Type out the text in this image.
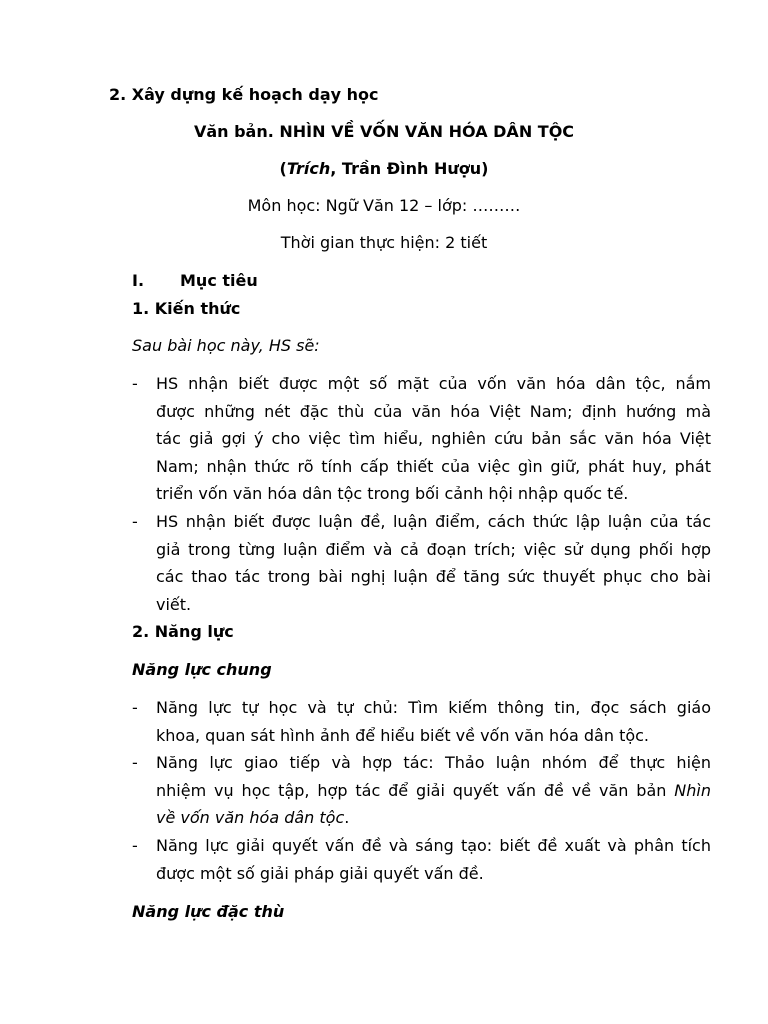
2. Xây dựng kế hoạch dạy học
Văn bản. NHÌN VỀ VỐN VĂN HÓA DÂN TỘC
(Trích, Trần Đình Hượu)
Môn học: Ngữ Văn 12 – lớp: ………
Thời gian thực hiện: 2 tiết
I. Mục tiêu
1. Kiến thức
Sau bài học này, HS sẽ:
- HS nhận biết được một số mặt của vốn văn hóa dân tộc, nắm
được những nét đặc thù của văn hóa Việt Nam; định hướng mà
tác giả gợi ý cho việc tìm hiểu, nghiên cứu bản sắc văn hóa Việt
Nam; nhận thức rõ tính cấp thiết của việc gìn giữ, phát huy, phát
triển vốn văn hóa dân tộc trong bối cảnh hội nhập quốc tế.
- HS nhận biết được luận đề, luận điểm, cách thức lập luận của tác
giả trong từng luận điểm và cả đoạn trích; việc sử dụng phối hợp
các thao tác trong bài nghị luận để tăng sức thuyết phục cho bài
viết.
2. Năng lực
Năng lực chung
- Năng lực tự học và tự chủ: Tìm kiếm thông tin, đọc sách giáo
khoa, quan sát hình ảnh để hiểu biết về vốn văn hóa dân tộc.
- Năng lực giao tiếp và hợp tác: Thảo luận nhóm để thực hiện
nhiệm vụ học tập, hợp tác để giải quyết vấn đề về văn bản Nhìn
về vốn văn hóa dân tộc.
- Năng lực giải quyết vấn đề và sáng tạo: biết đề xuất và phân tích
được một số giải pháp giải quyết vấn đề.
Năng lực đặc thù
